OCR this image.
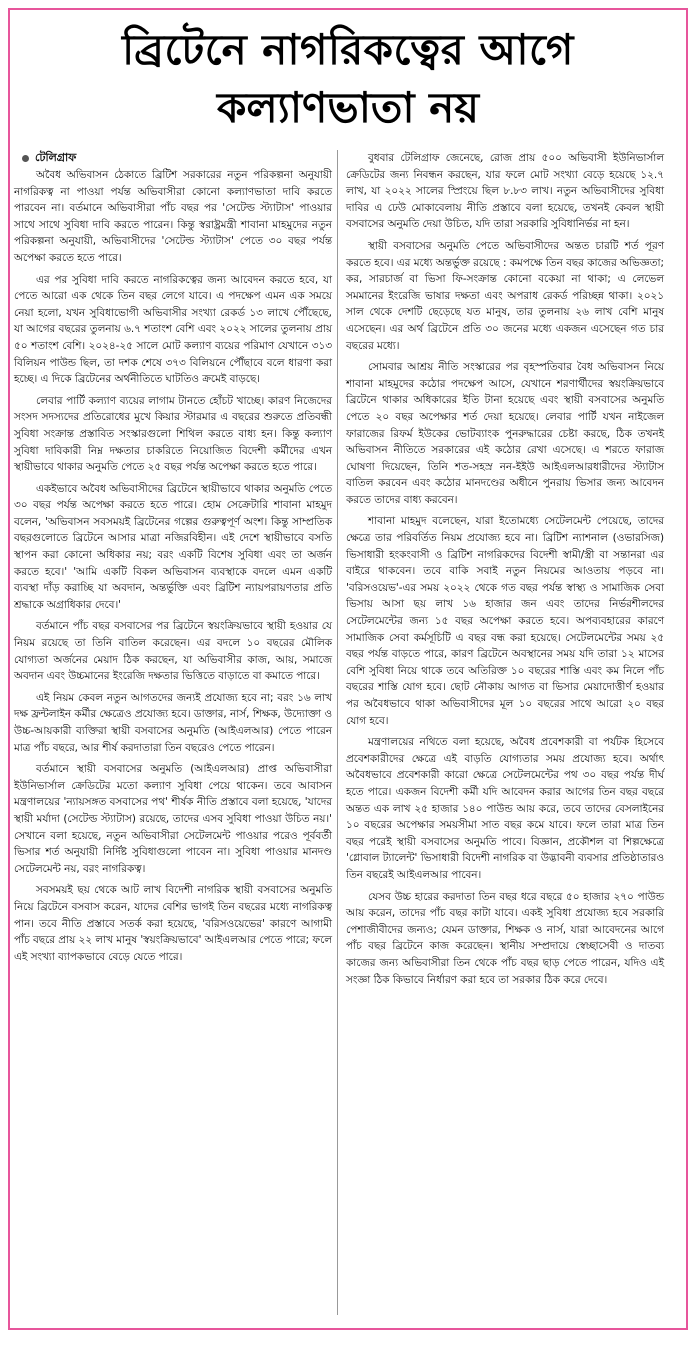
ব্রিটেনে নাগরিকত্বের আগে
কল্যাণভাতা নয়
টেলিগ্রাফ

অবৈধ অভিবাসন ঠেকাতে ব্রিটিশ সরকারের নতুন পরিকল্পনা অনুযায়ী নাগরিকত্ব না পাওয়া পর্যন্ত অভিবাসীরা কোনো কল্যাণভাতা দাবি করতে পারবেন না। বর্তমানে অভিবাসীরা পাঁচ বছর পর 'সেটেল্ড স্ট্যাটাস' পাওয়ার সাথে সাথে সুবিধা দাবি করতে পারেন। কিন্তু স্বরাষ্ট্রমন্ত্রী শাবানা মাহমুদের নতুন পরিকল্পনা অনুযায়ী, অভিবাসীদের 'সেটেল্ড স্ট্যাটাস' পেতে ৩০ বছর পর্যন্ত অপেক্ষা করতে হতে পারে।

এর পর সুবিধা দাবি করতে নাগরিকত্বের জন্য আবেদন করতে হবে, যা পেতে আরো এক থেকে তিন বছর লেগে যাবে। এ পদক্ষেপ এমন এক সময়ে নেয়া হলো, যখন সুবিধাভোগী অভিবাসীর সংখ্যা রেকর্ড ১৩ লাখে পৌঁছেছে, যা আগের বছরের তুলনায় ৬.৭ শতাংশ বেশি এবং ২০২২ সালের তুলনায় প্রায় ৫০ শতাংশ বেশি। ২০২৪-২৫ সালে মোট কল্যাণ ব্যয়ের পরিমাণ যেখানে ৩১৩ বিলিয়ন পাউন্ড ছিল, তা দশক শেষে ৩৭৩ বিলিয়নে পৌঁছাবে বলে ধারণা করা হচ্ছে। এ দিকে ব্রিটেনের অর্থনীতিতে ঘাটতিও ক্রমেই বাড়ছে।

লেবার পার্টি কল্যাণ ব্যয়ের লাগাম টানতে হোঁচট খাচ্ছে। কারণ নিজেদের সংসদ সদস্যদের প্রতিরোধের মুখে কিয়ার স্টারমার এ বছরের শুরুতে প্রতিবন্ধী সুবিধা সংক্রান্ত প্রস্তাবিত সংস্কারগুলো শিথিল করতে বাধ্য হন। কিন্তু কল্যাণ সুবিধা দাবিকারী নিম্ন দক্ষতার চাকরিতে নিয়োজিত বিদেশী কর্মীদের এখন স্থায়ীভাবে থাকার অনুমতি পেতে ২৫ বছর পর্যন্ত অপেক্ষা করতে হতে পারে।

একইভাবে অবৈধ অভিবাসীদের ব্রিটেনে স্থায়ীভাবে থাকার অনুমতি পেতে ৩০ বছর পর্যন্ত অপেক্ষা করতে হতে পারে। হোম সেক্রেটারি শাবানা মাহমুদ বলেন, 'অভিবাসন সবসময়ই ব্রিটেনের গল্পের গুরুত্বপূর্ণ অংশ। কিন্তু সাম্প্রতিক বছরগুলোতে ব্রিটেনে আসার মাত্রা নজিরবিহীন। এই দেশে স্থায়ীভাবে বসতি স্থাপন করা কোনো অধিকার নয়; বরং একটি বিশেষ সুবিধা এবং তা অর্জন করতে হবে।' 'আমি একটি বিকল অভিবাসন ব্যবস্থাকে বদলে এমন একটি ব্যবস্থা দাঁড় করাচ্ছি যা অবদান, অন্তর্ভুক্তি এবং ব্রিটিশ ন্যায়পরায়ণতার প্রতি শ্রদ্ধাকে অগ্রাধিকার দেবে।'

বর্তমানে পাঁচ বছর বসবাসের পর ব্রিটেনে স্বয়ংক্রিয়ভাবে স্থায়ী হওয়ার যে নিয়ম রয়েছে তা তিনি বাতিল করেছেন। এর বদলে ১০ বছরের মৌলিক যোগ্যতা অর্জনের মেয়াদ ঠিক করছেন, যা অভিবাসীর কাজ, আয়, সমাজে অবদান এবং উচ্চমানের ইংরেজি দক্ষতার ভিত্তিতে বাড়াতে বা কমাতে পারে।

এই নিয়ম কেবল নতুন আগতদের জন্যই প্রযোজ্য হবে না; বরং ১৬ লাখ দক্ষ ফ্রন্টলাইন কর্মীর ক্ষেত্রেও প্রযোজ্য হবে। ডাক্তার, নার্স, শিক্ষক, উদ্যোক্তা ও উচ্চ-আয়কারী ব্যক্তিরা স্থায়ী বসবাসের অনুমতি (আইএলআর) পেতে পারেন মাত্র পাঁচ বছরে, আর শীর্ষ করদাতারা তিন বছরেও পেতে পারেন।

বর্তমানে স্থায়ী বসবাসের অনুমতি (আইএলআর) প্রাপ্ত অভিবাসীরা ইউনিভার্সাল ক্রেডিটের মতো কল্যাণ সুবিধা পেয়ে থাকেন। তবে আবাসন মন্ত্রণালয়ের 'ন্যায়সঙ্গত বসবাসের পথ' শীর্ষক নীতি প্রস্তাবে বলা হয়েছে, 'যাদের স্থায়ী মর্যাদা (সেটেল্ড স্ট্যাটাস) রয়েছে, তাদের এসব সুবিধা পাওয়া উচিত নয়।' সেখানে বলা হয়েছে, নতুন অভিবাসীরা সেটেলমেন্ট পাওয়ার পরেও পূর্ববর্তী ভিসার শর্ত অনুযায়ী নির্দিষ্ট সুবিধাগুলো পাবেন না। সুবিধা পাওয়ার মানদণ্ড সেটেলমেন্ট নয়, বরং নাগরিকত্ব।

সবসময়ই ছয় থেকে আট লাখ বিদেশী নাগরিক স্থায়ী বসবাসের অনুমতি নিয়ে ব্রিটেনে বসবাস করেন, যাদের বেশির ভাগই তিন বছরের মধ্যে নাগরিকত্ব পান। তবে নীতি প্রস্তাবে সতর্ক করা হয়েছে, 'বরিসওয়েভের' কারণে আগামী পাঁচ বছরে প্রায় ২২ লাখ মানুষ 'স্বয়ংক্রিয়ভাবে' আইএলআর পেতে পারে; ফলে এই সংখ্যা ব্যাপকভাবে বেড়ে যেতে পারে।

বুধবার টেলিগ্রাফ জেনেছে, রোজ প্রায় ৫০০ অভিবাসী ইউনিভার্সাল ক্রেডিটের জন্য নিবন্ধন করছেন, যার ফলে মোট সংখ্যা বেড়ে হয়েছে ১২.৭ লাখ, যা ২০২২ সালের স্প্রিংয়ে ছিল ৮.৮৩ লাখ। নতুন অভিবাসীদের সুবিধা দাবির এ ঢেউ মোকাবেলায় নীতি প্রস্তাবে বলা হয়েছে, তখনই কেবল স্থায়ী বসবাসের অনুমতি দেয়া উচিত, যদি তারা সরকারি সুবিধানির্ভর না হন।

স্থায়ী বসবাসের অনুমতি পেতে অভিবাসীদের অন্তত চারটি শর্ত পূরণ করতে হবে। এর মধ্যে অন্তর্ভুক্ত রয়েছে : কমপক্ষে তিন বছর কাজের অভিজ্ঞতা; কর, সারচার্জ বা ভিসা ফি-সংক্রান্ত কোনো বকেয়া না থাকা; এ লেভেল সমমানের ইংরেজি ভাষার দক্ষতা এবং অপরাধ রেকর্ড পরিচ্ছন্ন থাকা। ২০২১ সাল থেকে দেশটি ছেড়েছে যত মানুষ, তার তুলনায় ২৬ লাখ বেশি মানুষ এসেছেন। এর অর্থ ব্রিটেনে প্রতি ৩০ জনের মধ্যে একজন এসেছেন গত চার বছরের মধ্যে।

সোমবার আশ্রয় নীতি সংস্কারের পর বৃহস্পতিবার বৈধ অভিবাসন নিয়ে শাবানা মাহমুদের কঠোর পদক্ষেপ আসে, যেখানে শরণার্থীদের স্বয়ংক্রিয়ভাবে ব্রিটেনে থাকার অধিকারের ইতি টানা হয়েছে এবং স্থায়ী বসবাসের অনুমতি পেতে ২০ বছর অপেক্ষার শর্ত দেয়া হয়েছে। লেবার পার্টি যখন নাইজেল ফারাজের রিফর্ম ইউকের ভোটব্যাংক পুনরুদ্ধারের চেষ্টা করছে, ঠিক তখনই অভিবাসন নীতিতে সরকারের এই কঠোর রেখা এসেছে। এ শরতে ফারাজ ঘোষণা দিয়েছেন, তিনি শত-সহস্র নন-ইইউ আইএলআরধারীদের স্ট্যাটাস বাতিল করবেন এবং কঠোর মানদণ্ডের অধীনে পুনরায় ভিসার জন্য আবেদন করতে তাদের বাধ্য করবেন।

শাবানা মাহমুদ বলেছেন, যারা ইতোমধ্যে সেটেলমেন্ট পেয়েছে, তাদের ক্ষেত্রে তার পরিবর্তিত নিয়ম প্রযোজ্য হবে না। ব্রিটিশ ন্যাশনাল (ওভারসিজ) ভিসাধারী হংকংবাসী ও ব্রিটিশ নাগরিকদের বিদেশী স্বামী/স্ত্রী বা সন্তানরা এর বাইরে থাকবেন। তবে বাকি সবাই নতুন নিয়মের আওতায় পড়বে না। 'বরিসওয়েভ'-এর সময় ২০২২ থেকে গত বছর পর্যন্ত স্বাস্থ্য ও সামাজিক সেবা ভিসায় আসা ছয় লাখ ১৬ হাজার জন এবং তাদের নির্ভরশীলদের সেটেলমেন্টের জন্য ১৫ বছর অপেক্ষা করতে হবে। অপব্যবহারের কারণে সামাজিক সেবা কর্মসূচিটি এ বছর বন্ধ করা হয়েছে। সেটেলমেন্টের সময় ২৫ বছর পর্যন্ত বাড়তে পারে, কারণ ব্রিটেনে অবস্থানের সময় যদি তারা ১২ মাসের বেশি সুবিধা নিয়ে থাকে তবে অতিরিক্ত ১০ বছরের শাস্তি এবং কম নিলে পাঁচ বছরের শাস্তি যোগ হবে। ছোট নৌকায় আগত বা ভিসার মেয়াদোত্তীর্ণ হওয়ার পর অবৈধভাবে থাকা অভিবাসীদের মূল ১০ বছরের সাথে আরো ২০ বছর যোগ হবে।

মন্ত্রণালয়ের নথিতে বলা হয়েছে, অবৈধ প্রবেশকারী বা পর্যটক হিসেবে প্রবেশকারীদের ক্ষেত্রে এই বাড়তি যোগ্যতার সময় প্রযোজ্য হবে। অর্থাৎ অবৈধভাবে প্রবেশকারী কারো ক্ষেত্রে সেটেলমেন্টের পথ ৩০ বছর পর্যন্ত দীর্ঘ হতে পারে। একজন বিদেশী কর্মী যদি আবেদন করার আগের তিন বছর বছরে অন্তত এক লাখ ২৫ হাজার ১৪০ পাউন্ড আয় করে, তবে তাদের বেসলাইনের ১০ বছরের অপেক্ষার সময়সীমা সাত বছর কমে যাবে। ফলে তারা মাত্র তিন বছর পরেই স্থায়ী বসবাসের অনুমতি পাবে। বিজ্ঞান, প্রকৌশল বা শিল্পক্ষেত্রে 'গ্লোবাল ট্যালেন্ট' ভিসাধারী বিদেশী নাগরিক বা উদ্ভাবনী ব্যবসার প্রতিষ্ঠাতারও তিন বছরেই আইএলআর পাবেন।

যেসব উচ্চ হারের করদাতা তিন বছর ধরে বছরে ৫০ হাজার ২৭০ পাউন্ড আয় করেন, তাদের পাঁচ বছর কাটা যাবে। একই সুবিধা প্রযোজ্য হবে সরকারি পেশাজীবীদের জন্যও; যেমন ডাক্তার, শিক্ষক ও নার্স, যারা আবেদনের আগে পাঁচ বছর ব্রিটেনে কাজ করেছেন। স্থানীয় সম্প্রদায়ে স্বেচ্ছাসেবী ও দাতব্য কাজের জন্য অভিবাসীরা তিন থেকে পাঁচ বছর ছাড় পেতে পারেন, যদিও এই সংজ্ঞা ঠিক কিভাবে নির্ধারণ করা হবে তা সরকার ঠিক করে দেবে।
